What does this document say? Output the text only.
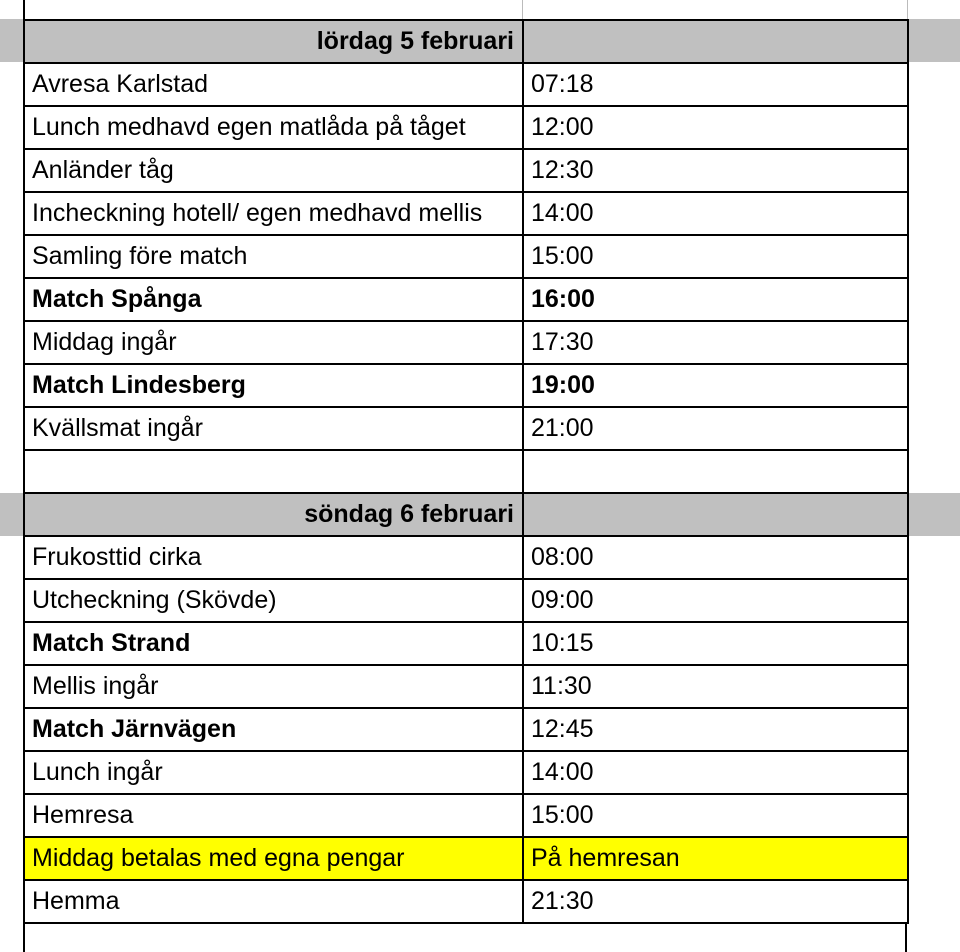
lördag 5 februari	
Avresa Karlstad	07:18
Lunch medhavd egen matlåda på tåget	12:00
Anländer tåg	12:30
Incheckning hotell/ egen medhavd mellis	14:00
Samling före match	15:00
Match Spånga	16:00
Middag ingår	17:30
Match Lindesberg	19:00
Kvällsmat ingår	21:00

söndag 6 februari	
Frukosttid cirka	08:00
Utcheckning (Skövde)	09:00
Match Strand	10:15
Mellis ingår	11:30
Match Järnvägen	12:45
Lunch ingår	14:00
Hemresa	15:00
Middag betalas med egna pengar	På hemresan
Hemma	21:30
